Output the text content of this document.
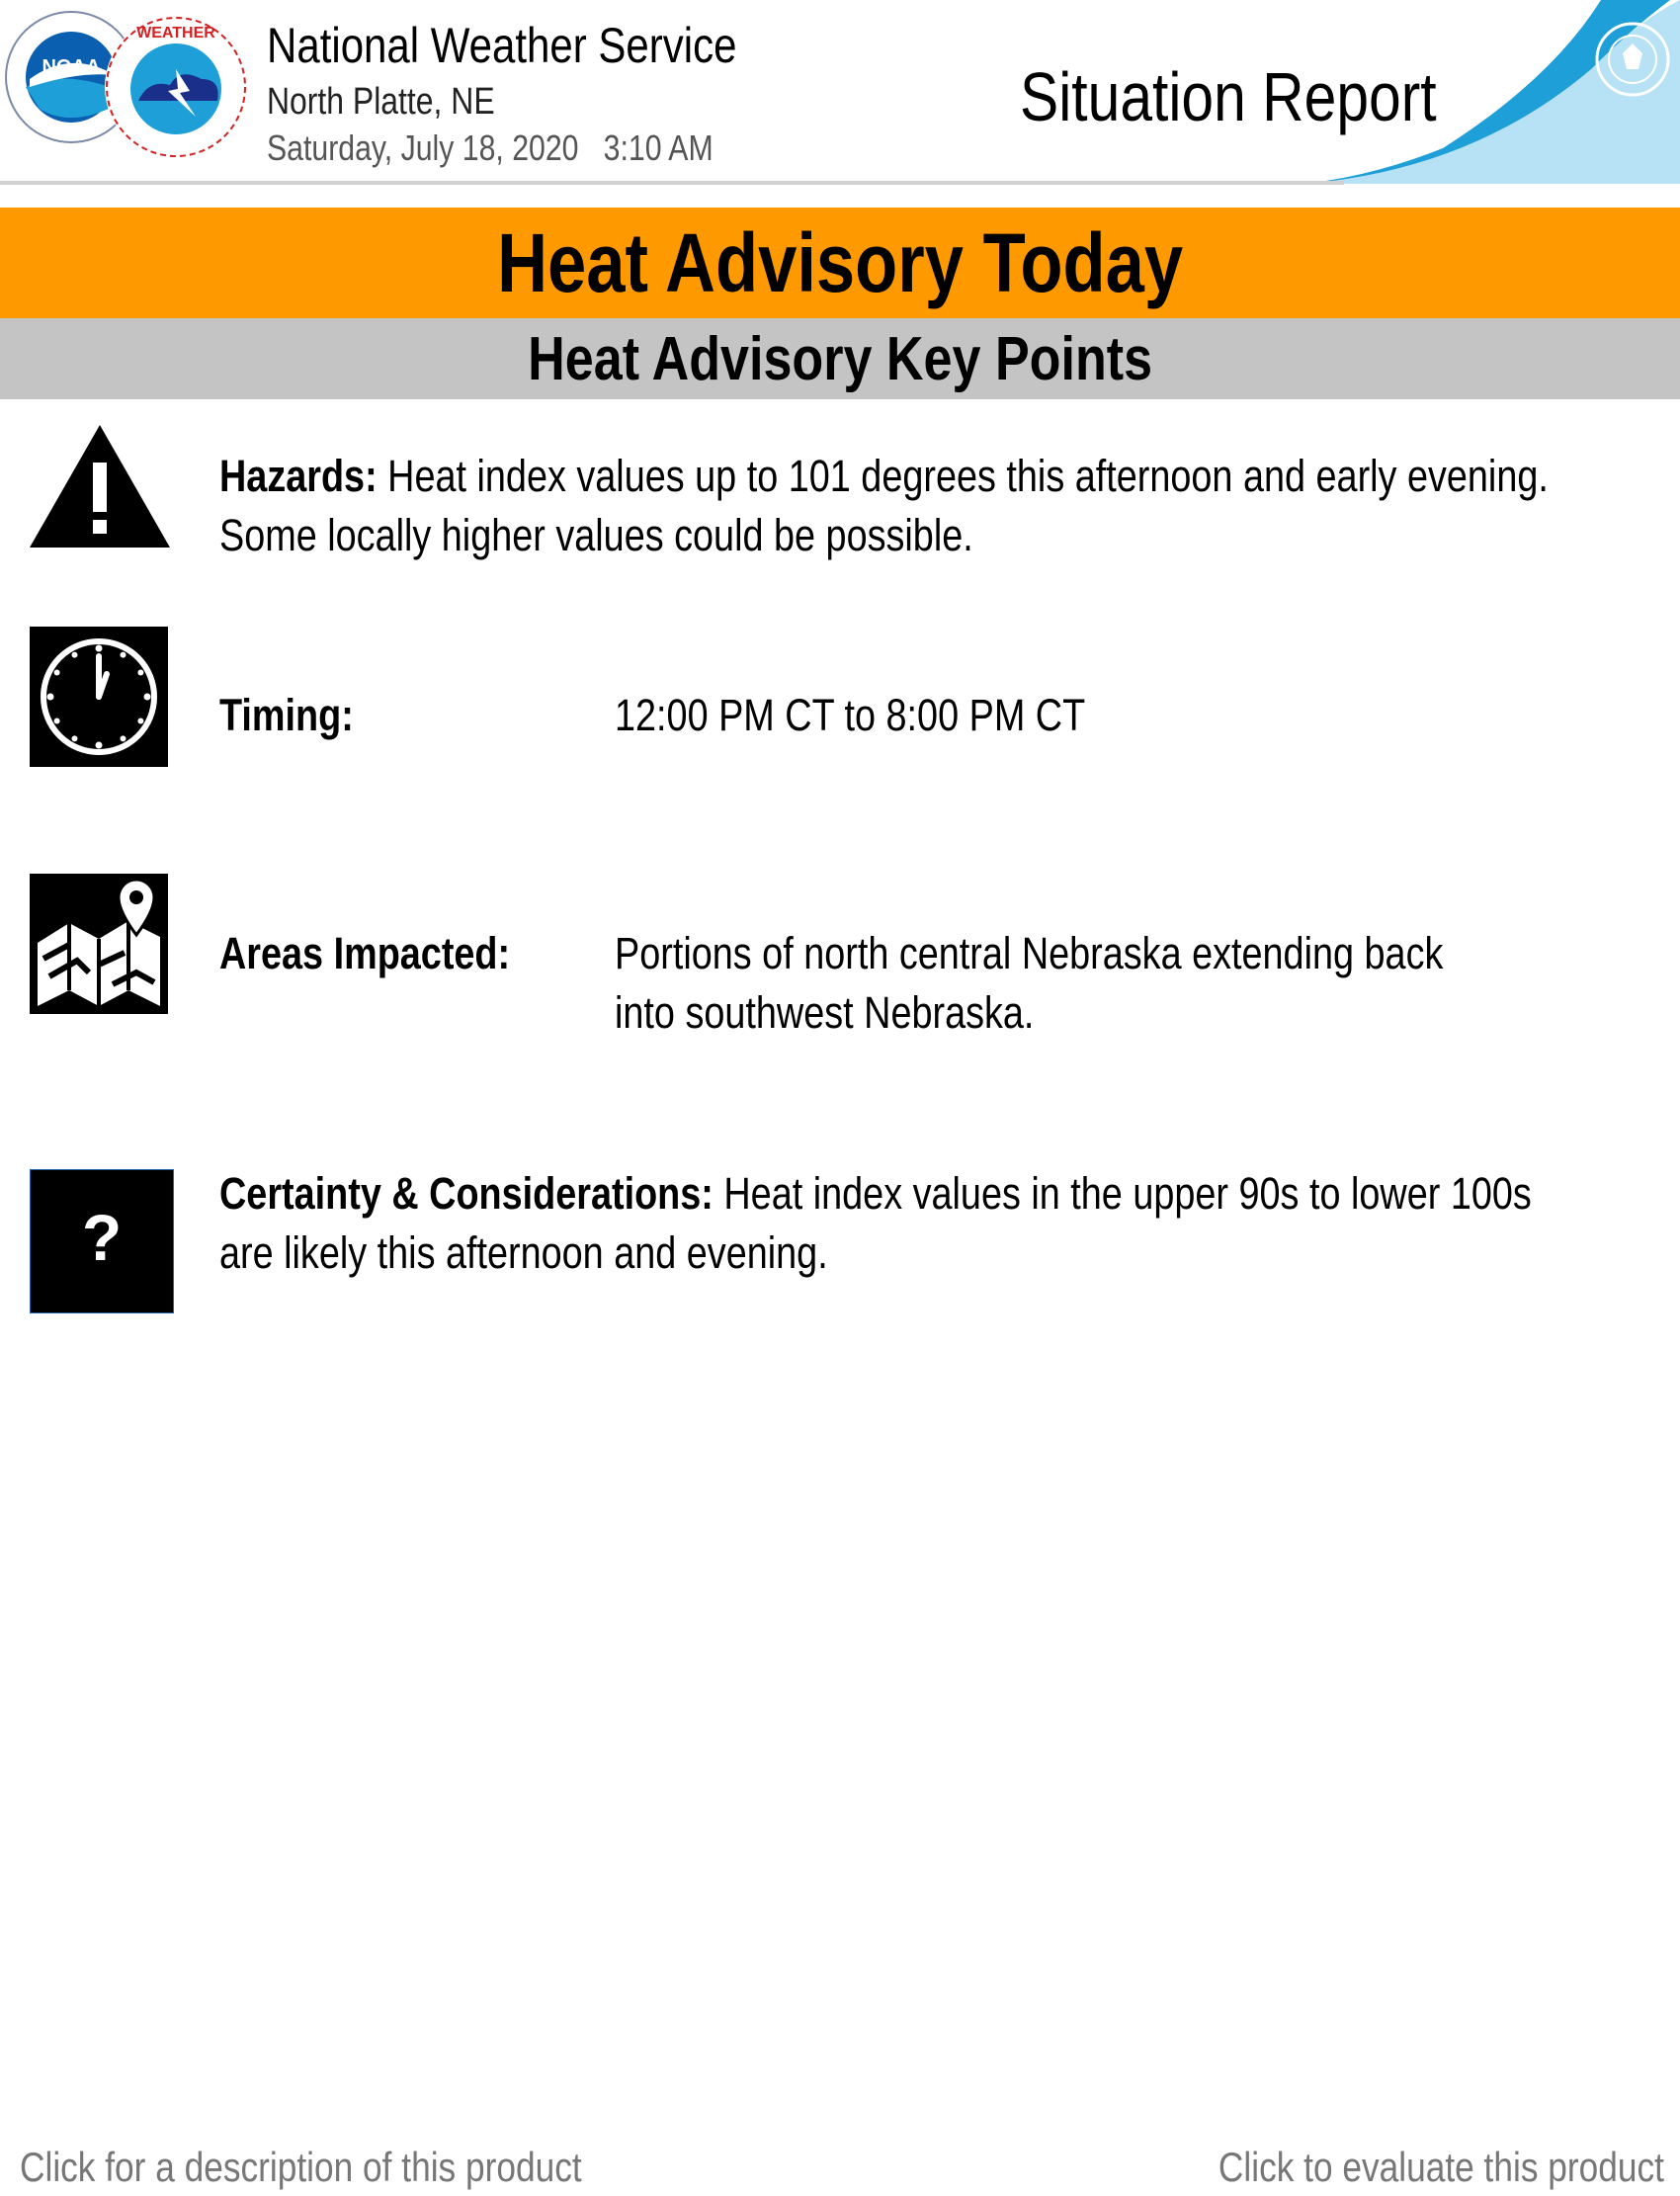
NOAA
WEATHER National Weather Service
North Platte, NE
Saturday, July 18, 2020   3:10 AM
Situation Report
Heat Advisory Today
Heat Advisory Key Points
Hazards: Heat index values up to 101 degrees this afternoon and early evening.
Some locally higher values could be possible.
Timing:	12:00 PM CT to 8:00 PM CT
Areas Impacted:	Portions of north central Nebraska extending back
into southwest Nebraska.
?
Certainty & Considerations: Heat index values in the upper 90s to lower 100s
are likely this afternoon and evening.
Click for a description of this product	Click to evaluate this product
